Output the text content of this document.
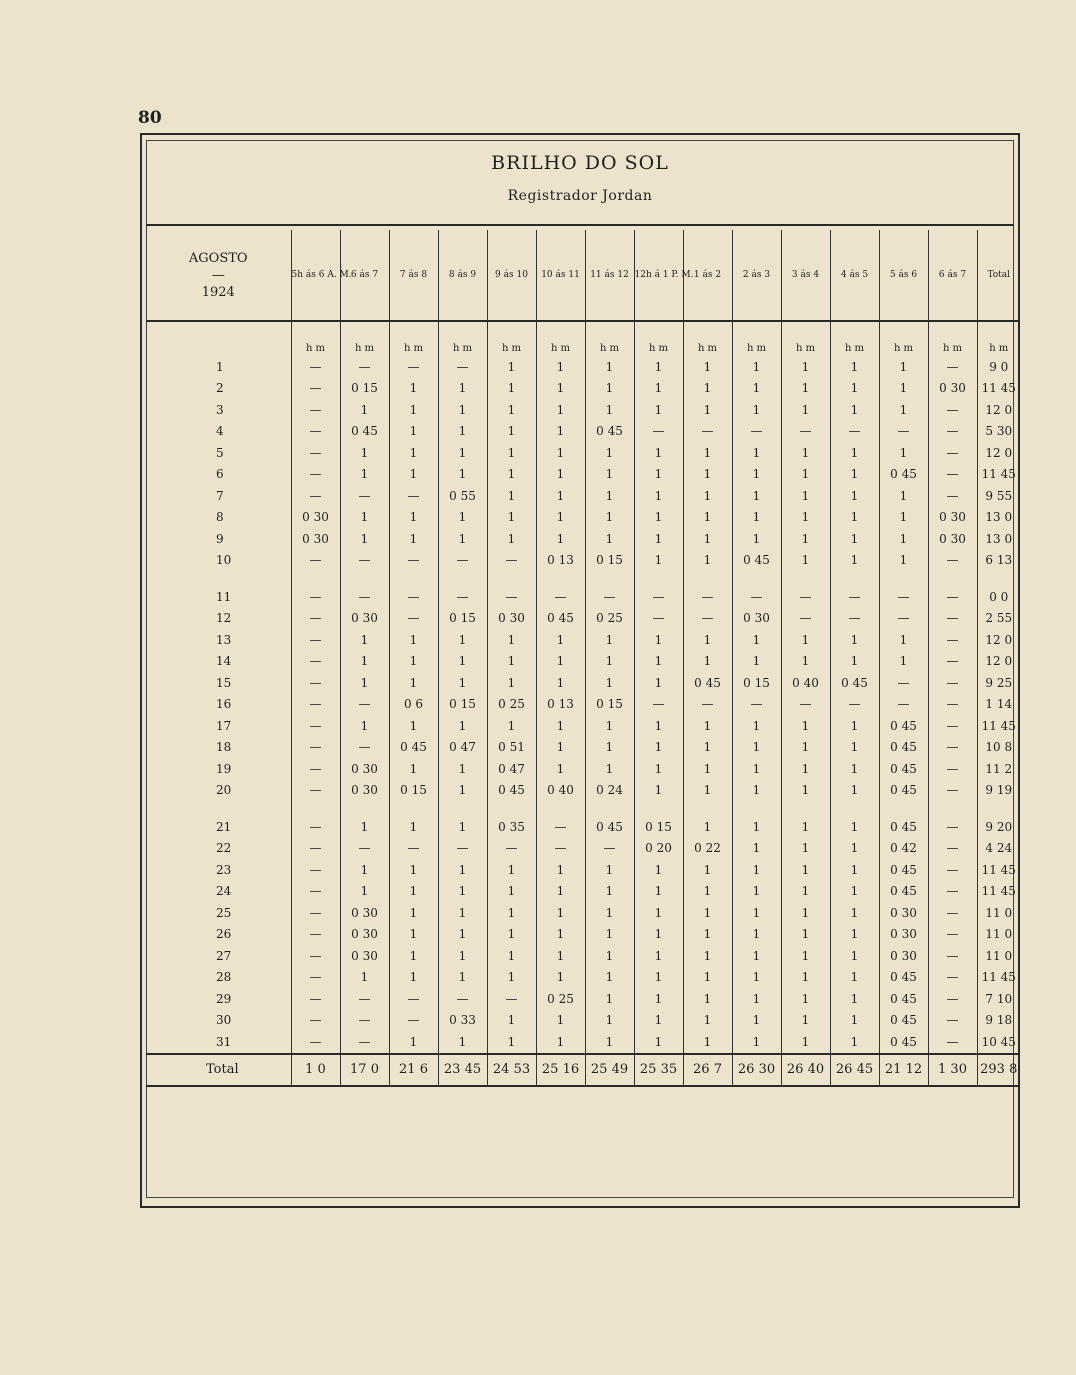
80
BRILHO DO SOL
Registrador Jordan
AGOSTO
—
1924	5h ás 6 A. M.	6 ás 7	7 ás 8	8 ás 9	9 ás 10	10 ás 11	11 ás 12	12h á 1 P. M.	1 ás 2	2 ás 3	3 ás 4	4 ás 5	5 ás 6	6 ás 7	Total
	h m	h m	h m	h m	h m	h m	h m	h m	h m	h m	h m	h m	h m	h m	h m
1	—	—	—	—	1	1	1	1	1	1	1	1	1	—	9 0
2	—	0 15	1	1	1	1	1	1	1	1	1	1	1	0 30	11 45
3	—	1	1	1	1	1	1	1	1	1	1	1	1	—	12 0
4	—	0 45	1	1	1	1	0 45	—	—	—	—	—	—	—	5 30
5	—	1	1	1	1	1	1	1	1	1	1	1	1	—	12 0
6	—	1	1	1	1	1	1	1	1	1	1	1	0 45	—	11 45
7	—	—	—	0 55	1	1	1	1	1	1	1	1	1	—	9 55
8	0 30	1	1	1	1	1	1	1	1	1	1	1	1	0 30	13 0
9	0 30	1	1	1	1	1	1	1	1	1	1	1	1	0 30	13 0
10	—	—	—	—	—	0 13	0 15	1	1	0 45	1	1	1	—	6 13

11	—	—	—	—	—	—	—	—	—	—	—	—	—	—	0 0
12	—	0 30	—	0 15	0 30	0 45	0 25	—	—	0 30	—	—	—	—	2 55
13	—	1	1	1	1	1	1	1	1	1	1	1	1	—	12 0
14	—	1	1	1	1	1	1	1	1	1	1	1	1	—	12 0
15	—	1	1	1	1	1	1	1	0 45	0 15	0 40	0 45	—	—	9 25
16	—	—	0 6	0 15	0 25	0 13	0 15	—	—	—	—	—	—	—	1 14
17	—	1	1	1	1	1	1	1	1	1	1	1	0 45	—	11 45
18	—	—	0 45	0 47	0 51	1	1	1	1	1	1	1	0 45	—	10 8
19	—	0 30	1	1	0 47	1	1	1	1	1	1	1	0 45	—	11 2
20	—	0 30	0 15	1	0 45	0 40	0 24	1	1	1	1	1	0 45	—	9 19

21	—	1	1	1	0 35	—	0 45	0 15	1	1	1	1	0 45	—	9 20
22	—	—	—	—	—	—	—	0 20	0 22	1	1	1	0 42	—	4 24
23	—	1	1	1	1	1	1	1	1	1	1	1	0 45	—	11 45
24	—	1	1	1	1	1	1	1	1	1	1	1	0 45	—	11 45
25	—	0 30	1	1	1	1	1	1	1	1	1	1	0 30	—	11 0
26	—	0 30	1	1	1	1	1	1	1	1	1	1	0 30	—	11 0
27	—	0 30	1	1	1	1	1	1	1	1	1	1	0 30	—	11 0
28	—	1	1	1	1	1	1	1	1	1	1	1	0 45	—	11 45
29	—	—	—	—	—	0 25	1	1	1	1	1	1	0 45	—	7 10
30	—	—	—	0 33	1	1	1	1	1	1	1	1	0 45	—	9 18
31	—	—	1	1	1	1	1	1	1	1	1	1	0 45	—	10 45
Total	1 0	17 0	21 6	23 45	24 53	25 16	25 49	25 35	26 7	26 30	26 40	26 45	21 12	1 30	293 8
